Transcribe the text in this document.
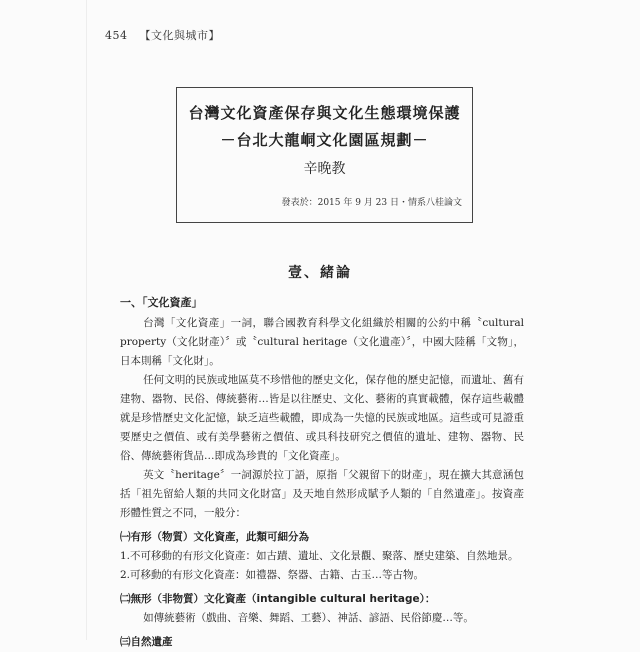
454 【文化與城市】
台灣文化資產保存與文化生態環境保護
－台北大龍峒文化園區規劃－
辛晚教
發表於：2015 年 9 月 23 日・情系八桂論文
壹、緒論
一、「文化資產」

台灣「文化資產」一詞，聯合國教育科學文化組織於相關的公約中稱〝cultural property（文化財產）〞或〝cultural heritage（文化遺產）〞，中國大陸稱「文物」，日本則稱「文化財」。

任何文明的民族或地區莫不珍惜他的歷史文化，保存他的歷史記憶，而遺址、舊有建物、器物、民俗、傳統藝術…皆是以往歷史、文化、藝術的真實載體，保存這些載體就是珍惜歷史文化記憶，缺乏這些載體，即成為一失憶的民族或地區。這些或可見證重要歷史之價值、或有美學藝術之價值、或具科技研究之價值的遺址、建物、器物、民俗、傳統藝術貨品…即成為珍貴的「文化資產」。

英文〝heritage〞一詞源於拉丁語，原指「父親留下的財產」，現在擴大其意涵包括「祖先留給人類的共同文化財富」及天地自然形成賦予人類的「自然遺產」。按資產形體性質之不同，一般分：

㈠有形（物質）文化資產，此類可細分為

1.不可移動的有形文化資產：如古蹟、遺址、文化景觀、聚落、歷史建築、自然地景。

2.可移動的有形文化資產：如禮器、祭器、古籍、古玉…等古物。

㈡無形（非物質）文化資產（intangible cultural heritage）：

如傳統藝術（戲曲、音樂、舞蹈、工藝）、神話、諺語、民俗節慶…等。

㈢自然遺產
